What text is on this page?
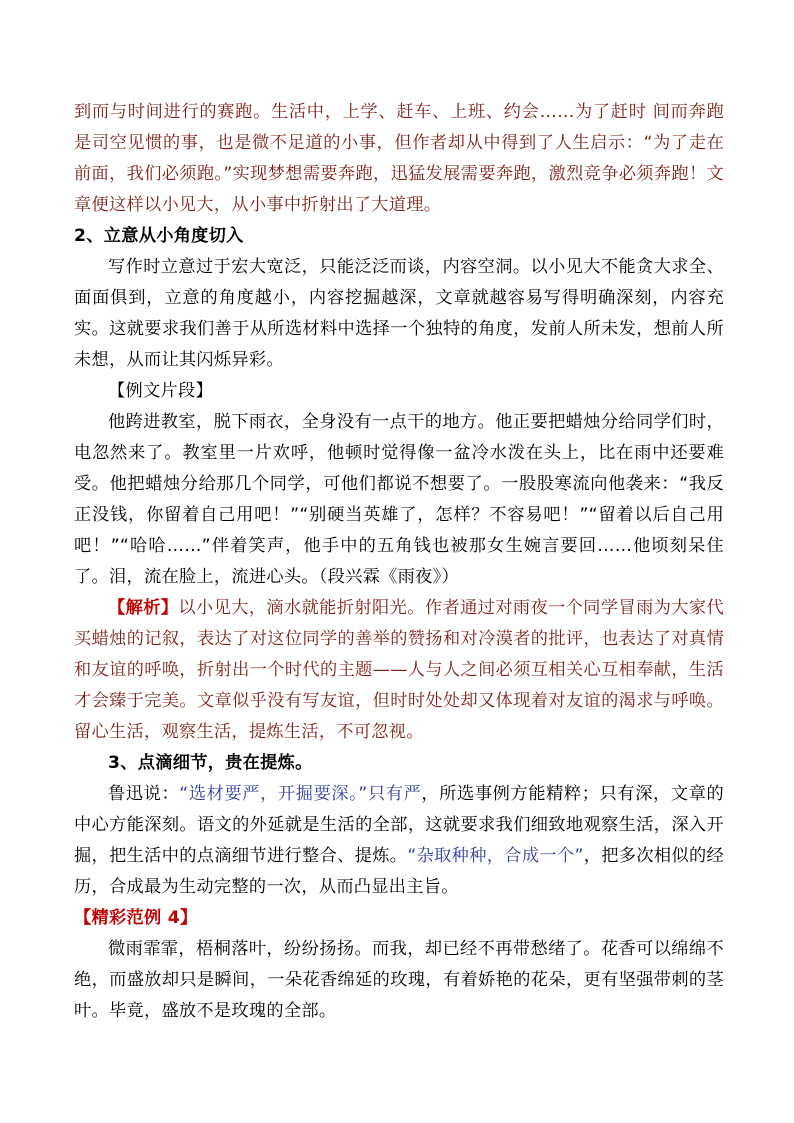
到而与时间进行的赛跑。生活中，上学、赶车、上班、约会……为了赶时 间而奔跑是司空见惯的事，也是微不足道的小事，但作者却从中得到了人生启示：“为了走在前面，我们必须跑。”实现梦想需要奔跑，迅猛发展需要奔跑，激烈竞争必须奔跑！文章便这样以小见大，从小事中折射出了大道理。

2、立意从小角度切入

写作时立意过于宏大宽泛，只能泛泛而谈，内容空洞。以小见大不能贪大求全、面面俱到，立意的角度越小，内容挖掘越深，文章就越容易写得明确深刻，内容充实。这就要求我们善于从所选材料中选择一个独特的角度，发前人所未发，想前人所未想，从而让其闪烁异彩。

【例文片段】

他跨进教室，脱下雨衣，全身没有一点干的地方。他正要把蜡烛分给同学们时，电忽然来了。教室里一片欢呼，他顿时觉得像一盆冷水泼在头上，比在雨中还要难受。他把蜡烛分给那几个同学，可他们都说不想要了。一股股寒流向他袭来：“我反正没钱，你留着自己用吧！”“别硬当英雄了，怎样？不容易吧！”“留着以后自己用吧！”“哈哈……”伴着笑声，他手中的五角钱也被那女生婉言要回……他顷刻呆住了。泪，流在脸上，流进心头。（段兴霖《雨夜》）

【解析】以小见大，滴水就能折射阳光。作者通过对雨夜一个同学冒雨为大家代买蜡烛的记叙，表达了对这位同学的善举的赞扬和对冷漠者的批评，也表达了对真情和友谊的呼唤，折射出一个时代的主题——人与人之间必须互相关心互相奉献，生活才会臻于完美。文章似乎没有写友谊，但时时处处却又体现着对友谊的渴求与呼唤。留心生活，观察生活，提炼生活，不可忽视。

3、点滴细节，贵在提炼。

鲁迅说：“选材要严，开掘要深。”只有严，所选事例方能精粹；只有深，文章的中心方能深刻。语文的外延就是生活的全部，这就要求我们细致地观察生活，深入开掘，把生活中的点滴细节进行整合、提炼。“杂取种种，合成一个”，把多次相似的经历，合成最为生动完整的一次，从而凸显出主旨。

【精彩范例 4】

微雨霏霏，梧桐落叶，纷纷扬扬。而我，却已经不再带愁绪了。花香可以绵绵不绝，而盛放却只是瞬间，一朵花香绵延的玫瑰，有着娇艳的花朵，更有坚强带刺的茎叶。毕竟，盛放不是玫瑰的全部。
